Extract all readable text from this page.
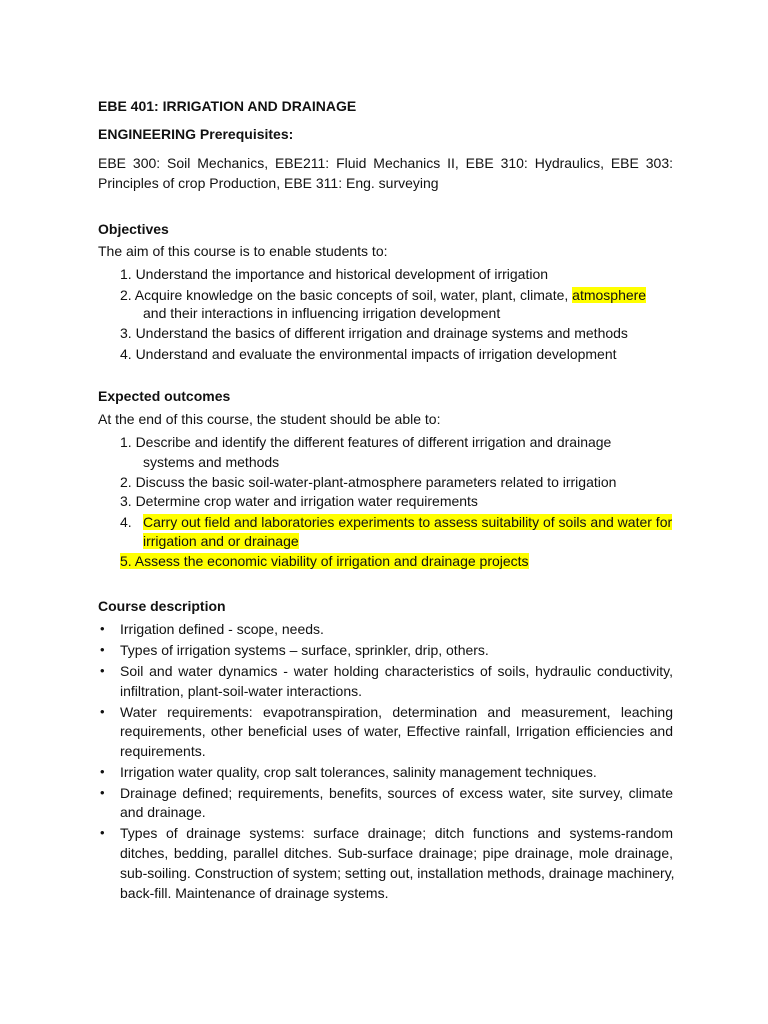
EBE 401: IRRIGATION AND DRAINAGE
ENGINEERING Prerequisites:
EBE 300: Soil Mechanics, EBE211: Fluid Mechanics II, EBE 310: Hydraulics, EBE 303:
Principles of crop Production, EBE 311: Eng. surveying
Objectives
The aim of this course is to enable students to:
1. Understand the importance and historical development of irrigation
2. Acquire knowledge on the basic concepts of soil, water, plant, climate, atmosphere
and their interactions in influencing irrigation development
3. Understand the basics of different irrigation and drainage systems and methods
4. Understand and evaluate the environmental impacts of irrigation development
Expected outcomes
At the end of this course, the student should be able to:
1. Describe and identify the different features of different irrigation and drainage
systems and methods
2. Discuss the basic soil-water-plant-atmosphere parameters related to irrigation
3. Determine crop water and irrigation water requirements
4. Carry out field and laboratories experiments to assess suitability of soils and water for
irrigation and or drainage
5. Assess the economic viability of irrigation and drainage projects
Course description
• Irrigation defined - scope, needs.
• Types of irrigation systems – surface, sprinkler, drip, others.
• Soil and water dynamics - water holding characteristics of soils, hydraulic conductivity,
infiltration, plant-soil-water interactions.
• Water requirements: evapotranspiration, determination and measurement, leaching
requirements, other beneficial uses of water, Effective rainfall, Irrigation efficiencies and
requirements.
• Irrigation water quality, crop salt tolerances, salinity management techniques.
• Drainage defined; requirements, benefits, sources of excess water, site survey, climate
and drainage.
• Types of drainage systems: surface drainage; ditch functions and systems-random
ditches, bedding, parallel ditches. Sub-surface drainage; pipe drainage, mole drainage,
sub-soiling. Construction of system; setting out, installation methods, drainage machinery,
back-fill. Maintenance of drainage systems.
